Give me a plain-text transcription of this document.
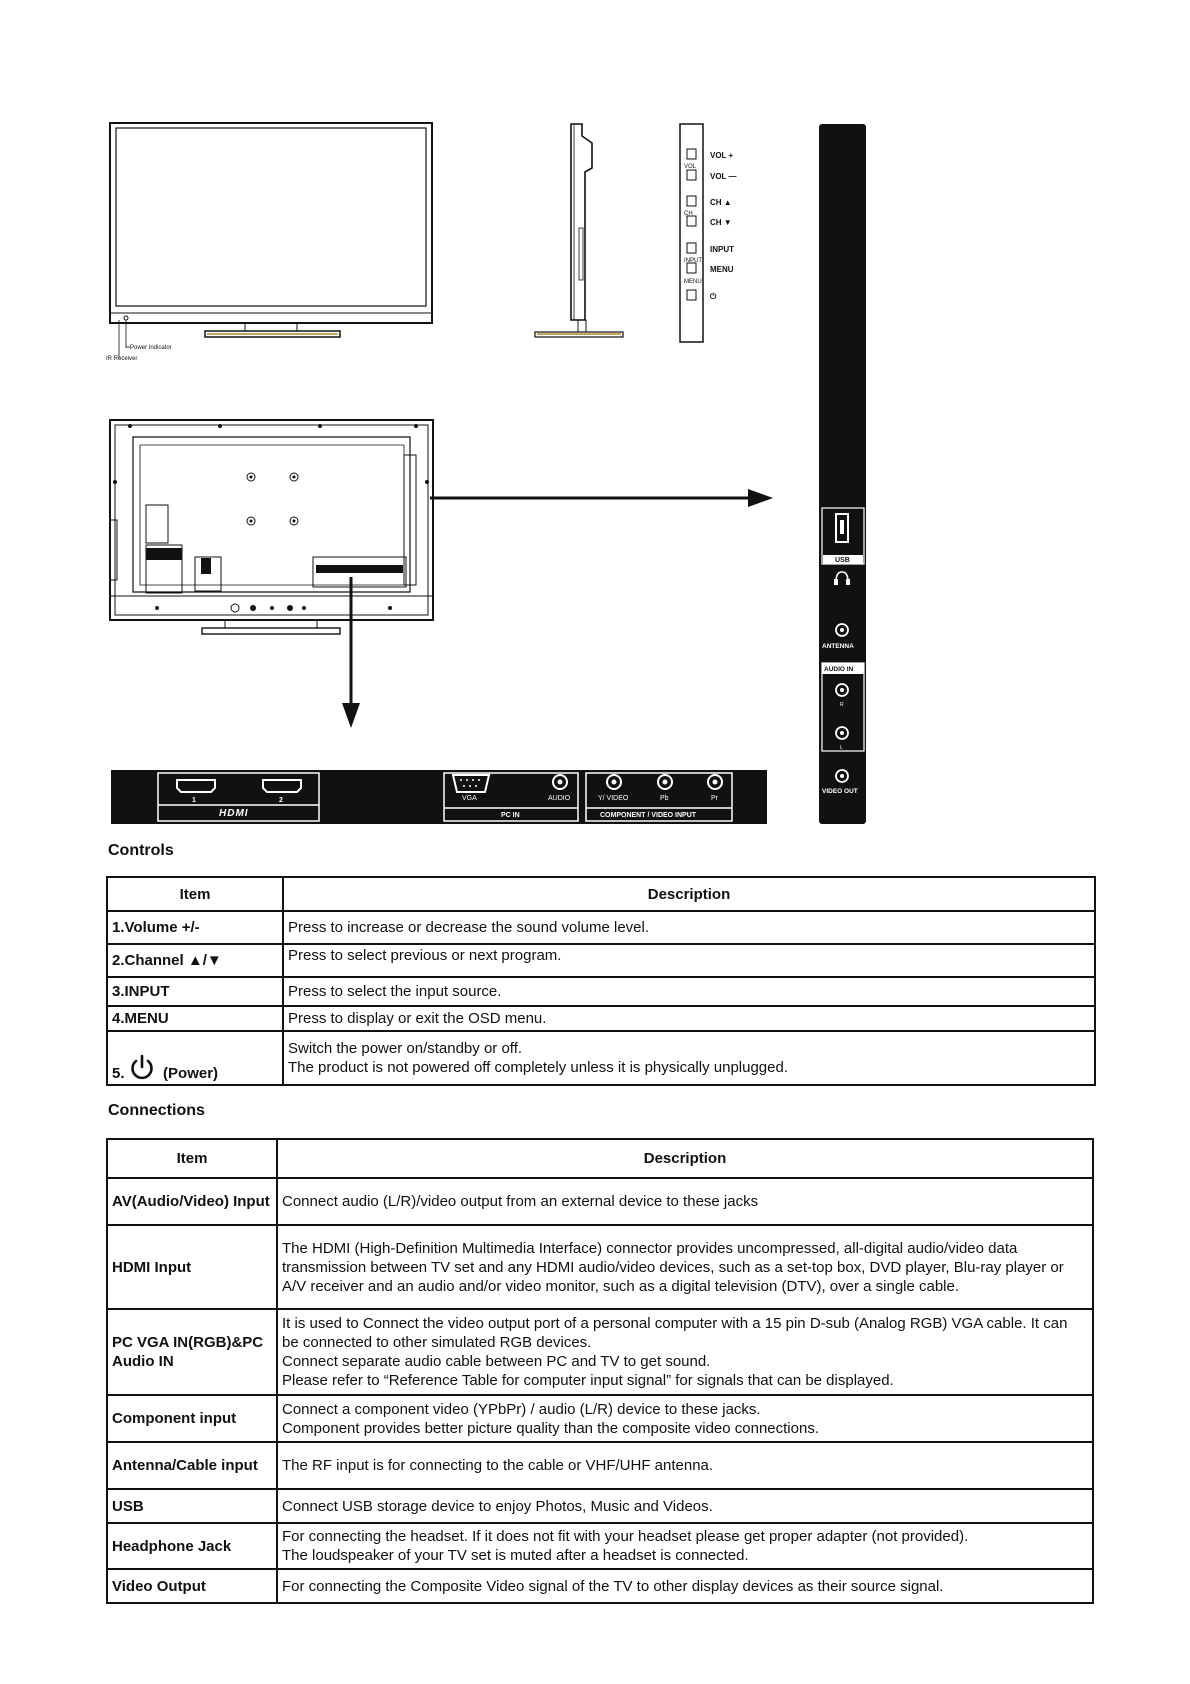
Power Indicator
IR Receiver
VOL +
VOL —
CH ▲
CH ▼
INPUT
MENU
⏻
VOL
CH
INPUT
MENU
1	2
HDMI
VGA	AUDIO
PC IN
Y/ VIDEO	Pb	Pr
COMPONENT / VIDEO INPUT
USB
ANTENNA
AUDIO IN
R
L
VIDEO OUT
Controls
Item	Description
1.Volume +/-	Press to increase or decrease the sound volume level.
2.Channel ▲/▼	Press to select previous or next program.
3.INPUT	Press to select the input source.
4.MENU	Press to display or exit the OSD menu.
5. (Power)	Switch the power on/standby or off.
The product is not powered off completely unless it is physically unplugged.
Connections
Item	Description
AV(Audio/Video) Input	Connect audio (L/R)/video output from an external device to these jacks
HDMI Input	The HDMI (High-Definition Multimedia Interface) connector provides uncompressed, all-digital audio/video data transmission between TV set and any HDMI audio/video devices, such as a set-top box, DVD player, Blu-ray player or A/V receiver and an audio and/or video monitor, such as a digital television (DTV), over a single cable.
PC VGA IN(RGB)&PC Audio IN	It is used to Connect the video output port of a personal computer with a 15 pin D-sub (Analog RGB) VGA cable. It can be connected to other simulated RGB devices.
Connect separate audio cable between PC and TV to get sound.
Please refer to “Reference Table for computer input signal” for signals that can be displayed.
Component input	Connect a component video (YPbPr) / audio (L/R) device to these jacks.
Component provides better picture quality than the composite video connections.
Antenna/Cable input	The RF input is for connecting to the cable or VHF/UHF antenna.
USB	Connect USB storage device to enjoy Photos, Music and Videos.
Headphone Jack	For connecting the headset. If it does not fit with your headset please get proper adapter (not provided).
The loudspeaker of your TV set is muted after a headset is connected.
Video Output	For connecting the Composite Video signal of the TV to other display devices as their source signal.
